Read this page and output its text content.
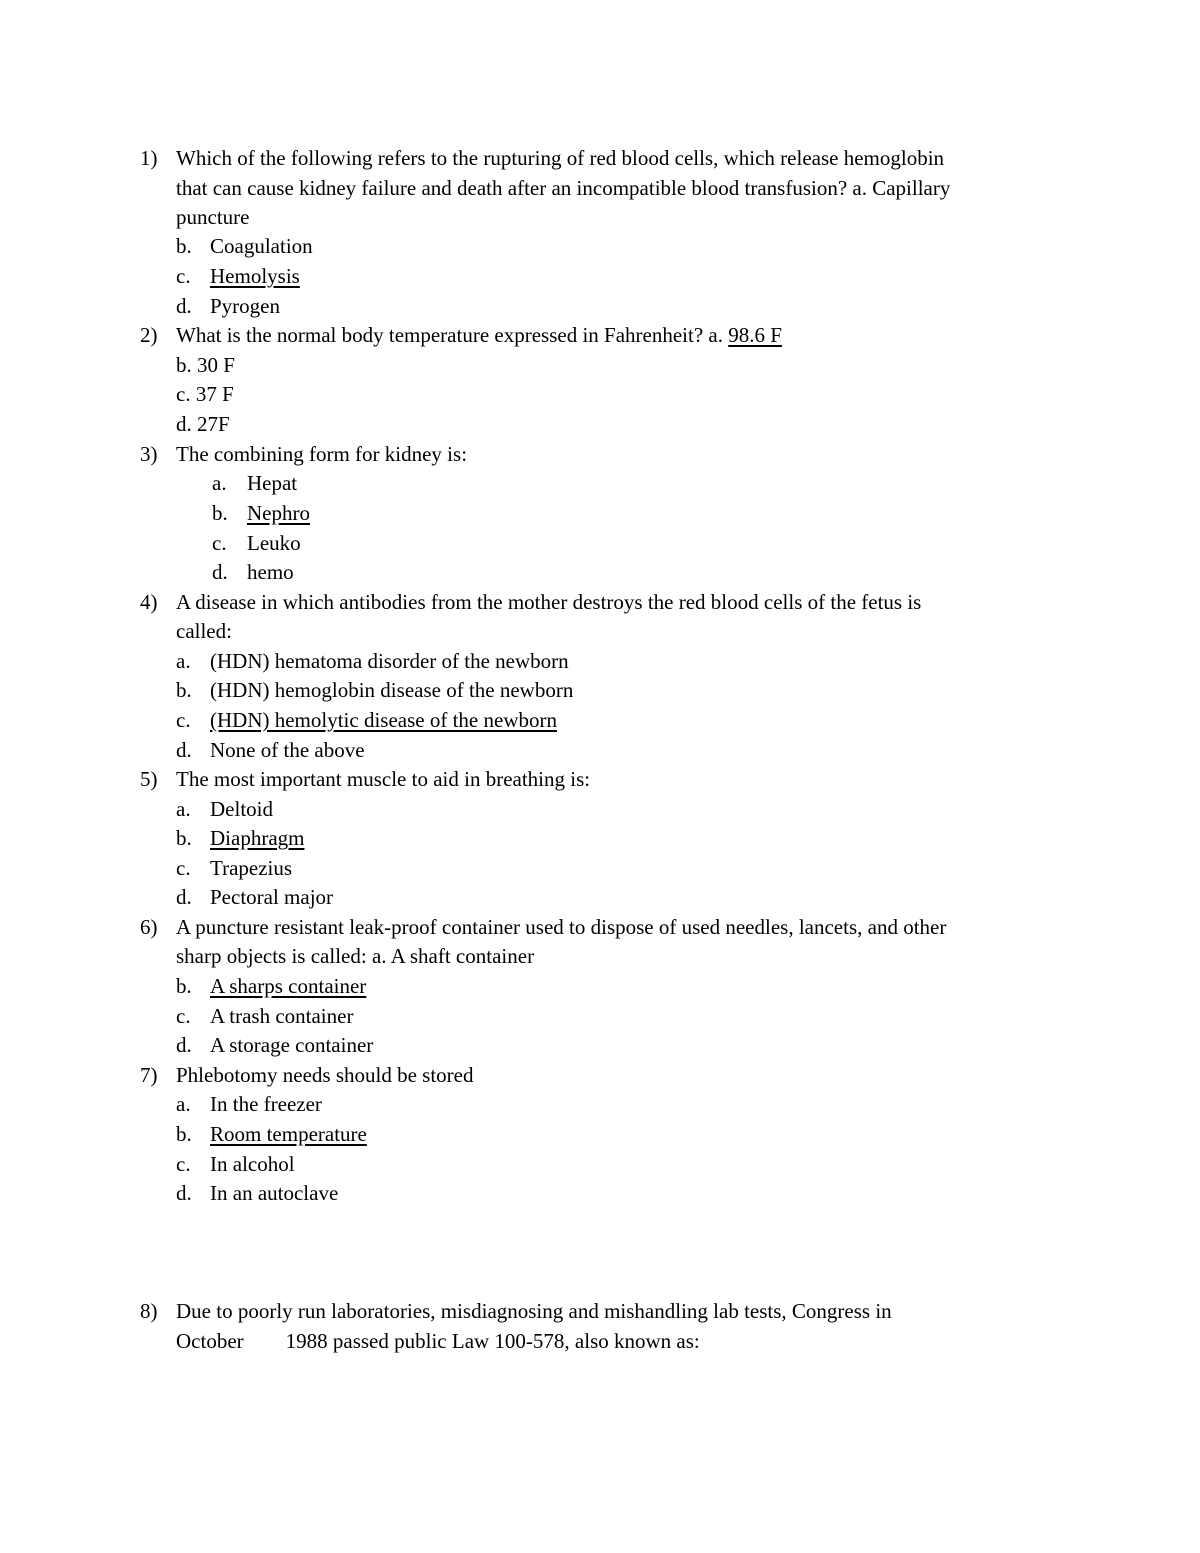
1) Which of the following refers to the rupturing of red blood cells, which release hemoglobin
that can cause kidney failure and death after an incompatible blood transfusion? a. Capillary
puncture
b. Coagulation
c. Hemolysis
d. Pyrogen
2) What is the normal body temperature expressed in Fahrenheit? a. 98.6 F
b. 30 F
c. 37 F
d. 27F
3) The combining form for kidney is:
a. Hepat
b. Nephro
c. Leuko
d. hemo
4) A disease in which antibodies from the mother destroys the red blood cells of the fetus is
called:
a. (HDN) hematoma disorder of the newborn
b. (HDN) hemoglobin disease of the newborn
c. (HDN) hemolytic disease of the newborn
d. None of the above
5) The most important muscle to aid in breathing is:
a. Deltoid
b. Diaphragm
c. Trapezius
d. Pectoral major
6) A puncture resistant leak-proof container used to dispose of used needles, lancets, and other
sharp objects is called: a. A shaft container
b. A sharps container
c. A trash container
d. A storage container
7) Phlebotomy needs should be stored
a. In the freezer
b. Room temperature
c. In alcohol
d. In an autoclave
8) Due to poorly run laboratories, misdiagnosing and mishandling lab tests, Congress in
October        1988 passed public Law 100-578, also known as:
